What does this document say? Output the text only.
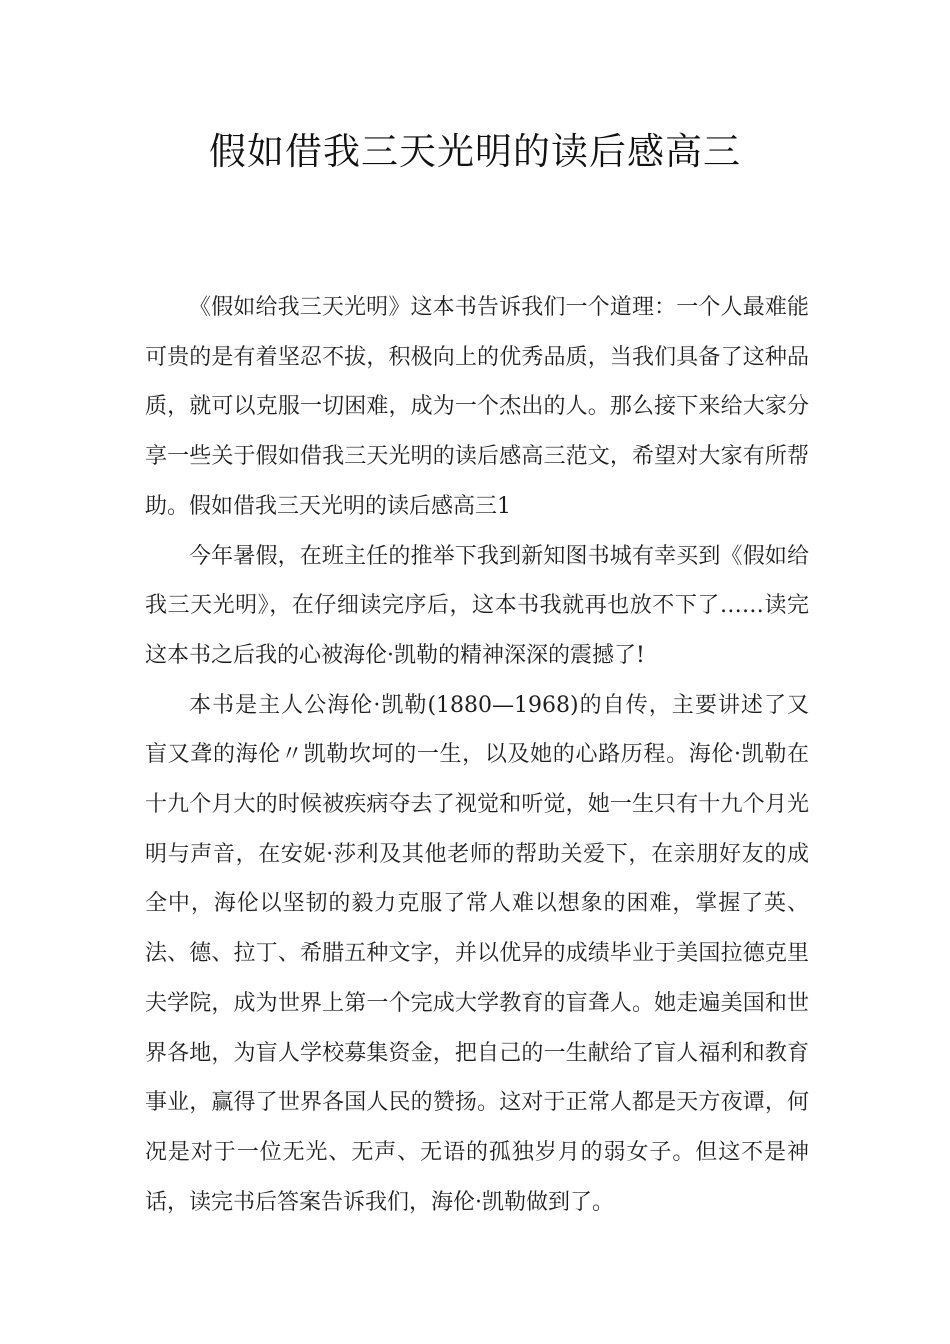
假如借我三天光明的读后感高三

《假如给我三天光明》这本书告诉我们一个道理：一个人最难能可贵的是有着坚忍不拔，积极向上的优秀品质，当我们具备了这种品质，就可以克服一切困难，成为一个杰出的人。那么接下来给大家分享一些关于假如借我三天光明的读后感高三范文，希望对大家有所帮助。假如借我三天光明的读后感高三1

今年暑假，在班主任的推举下我到新知图书城有幸买到《假如给我三天光明》，在仔细读完序后，这本书我就再也放不下了……读完这本书之后我的心被海伦·凯勒的精神深深的震撼了!

本书是主人公海伦·凯勒(1880—1968)的自传，主要讲述了又盲又聋的海伦〃凯勒坎坷的一生，以及她的心路历程。海伦·凯勒在十九个月大的时候被疾病夺去了视觉和听觉，她一生只有十九个月光明与声音，在安妮·莎利及其他老师的帮助关爱下，在亲朋好友的成全中，海伦以坚韧的毅力克服了常人难以想象的困难，掌握了英、法、德、拉丁、希腊五种文字，并以优异的成绩毕业于美国拉德克里夫学院，成为世界上第一个完成大学教育的盲聋人。她走遍美国和世界各地，为盲人学校募集资金，把自己的一生献给了盲人福利和教育事业，赢得了世界各国人民的赞扬。这对于正常人都是天方夜谭，何况是对于一位无光、无声、无语的孤独岁月的弱女子。但这不是神话，读完书后答案告诉我们，海伦·凯勒做到了。
